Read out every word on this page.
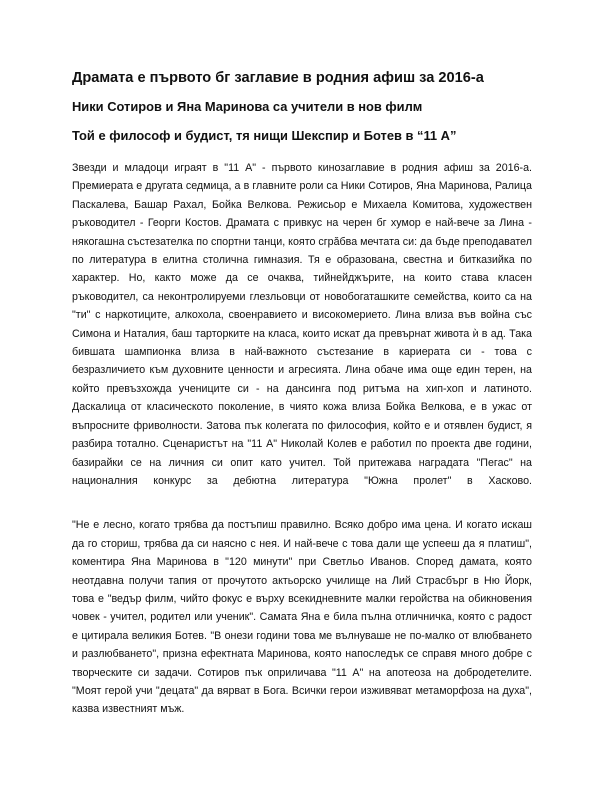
Драмата е първото бг заглавие в родния афиш за 2016-а
Ники Сотиров и Яна Маринова са учители в нов филм
Той е философ и будист, тя нищи Шекспир и Ботев в “11 А”

Звезди и младоци играят в "11 А" - първото кинозаглавие в родния афиш за 2016-а. Премиерата е другата седмица, а в главните роли са Ники Сотиров, Яна Маринова, Ралица Паскалева, Башар Рахал, Бойка Велкова. Режисьор е Михаела Комитова, художествен ръководител - Георги Костов. Драмата с привкус на черен бг хумор е най-вече за Лина - някогашна състезателка по спортни танци, която сгрăбва мечтата си: да бъде преподавател по литература в елитна столична гимназия. Тя е образована, свестна и битказийка по характер. Но, както може да се очаква, тийнейджърите, на които става класен ръководител, са неконтролируеми глезльовци от новобогаташките семейства, които са на "ти" с наркотиците, алкохола, своенравието и високомерието. Лина влиза във война със Симона и Наталия, баш тарторките на класа, които искат да превърнат живота ѝ в ад. Така бившата шампионка влиза в най-важното състезание в кариерата си - това с безразличието към духовните ценности и агресията. Лина обаче има още един терен, на който превъзхожда учениците си - на дансинга под ритъма на хип-хоп и латиното. Даскалица от класическото поколение, в чиято кожа влиза Бойка Велкова, е в ужас от въпросните фриволности. Затова пък колегата по философия, който е и отявлен будист, я разбира тотално. Сценаристът на "11 А" Николай Колев е работил по проекта две години, базирайки се на личния си опит като учител. Той притежава наградата "Пегас" на националния конкурс за дебютна литература "Южна пролет" в Хасково.

"Не е лесно, когато трябва да постъпиш правилно. Всяко добро има цена. И когато искаш да го сториш, трябва да си наясно с нея. И най-вече с това дали ще успееш да я платиш", коментира Яна Маринова в "120 минути" при Светльо Иванов. Според дамата, която неотдавна получи тапия от прочутото актьорско училище на Лий Страсбърг в Ню Йорк, това е "ведър филм, чийто фокус е върху всекидневните малки геройства на обикновения човек - учител, родител или ученик". Самата Яна е била пълна отличничка, която с радост е цитирала великия Ботев. "В онези години това ме вълнуваше не по-малко от влюбването и разлюбването", призна ефектната Маринова, която напоследък се справя много добре с творческите си задачи. Сотиров пък оприличава "11 А" на апотеоза на добродетелите. "Моят герой учи "децата" да вярват в Бога. Всички герои изживяват метаморфоза на духа", казва известният мъж.
